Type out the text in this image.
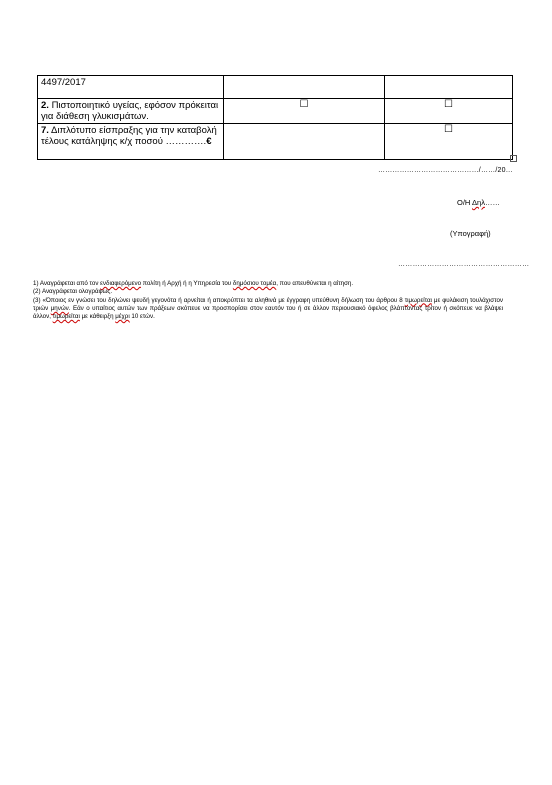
4497/2017		
2. Πιστοποιητικό υγείας, εφόσον πρόκειται για διάθεση γλυκισμάτων.	☐	☐

7. Διπλότυπο είσπραξης για την καταβολή τέλους κατάληψης κ/χ ποσού ………….€		☐
……………………………………/……/20…
Ο/Η Δηλ……
(Υπογραφή)
………………………………………………

1) Αναγράφεται από τον ενδιαφερόμενο πολίτη ή Αρχή ή η Υπηρεσία του δημόσιου τομέα, που απευθύνεται η αίτηση.

(2) Αναγράφεται ολογράφως.

(3) «Όποιος εν γνώσει του δηλώνει ψευδή γεγονότα ή αρνείται ή αποκρύπτει τα αληθινά με έγγραφη υπεύθυνη δήλωση του άρθρου 8 τιμωρείται με φυλάκιση τουλάχιστον τριών μηνών. Εάν ο υπαίτιος αυτών των πράξεων σκόπευε να προσπορίσει στον εαυτόν του ή σε άλλον περιουσιακό όφελος βλάπτοντας τρίτον ή σκόπευε να βλάψει άλλον, τιμωρείται με κάθειρξη μέχρι 10 ετών.
